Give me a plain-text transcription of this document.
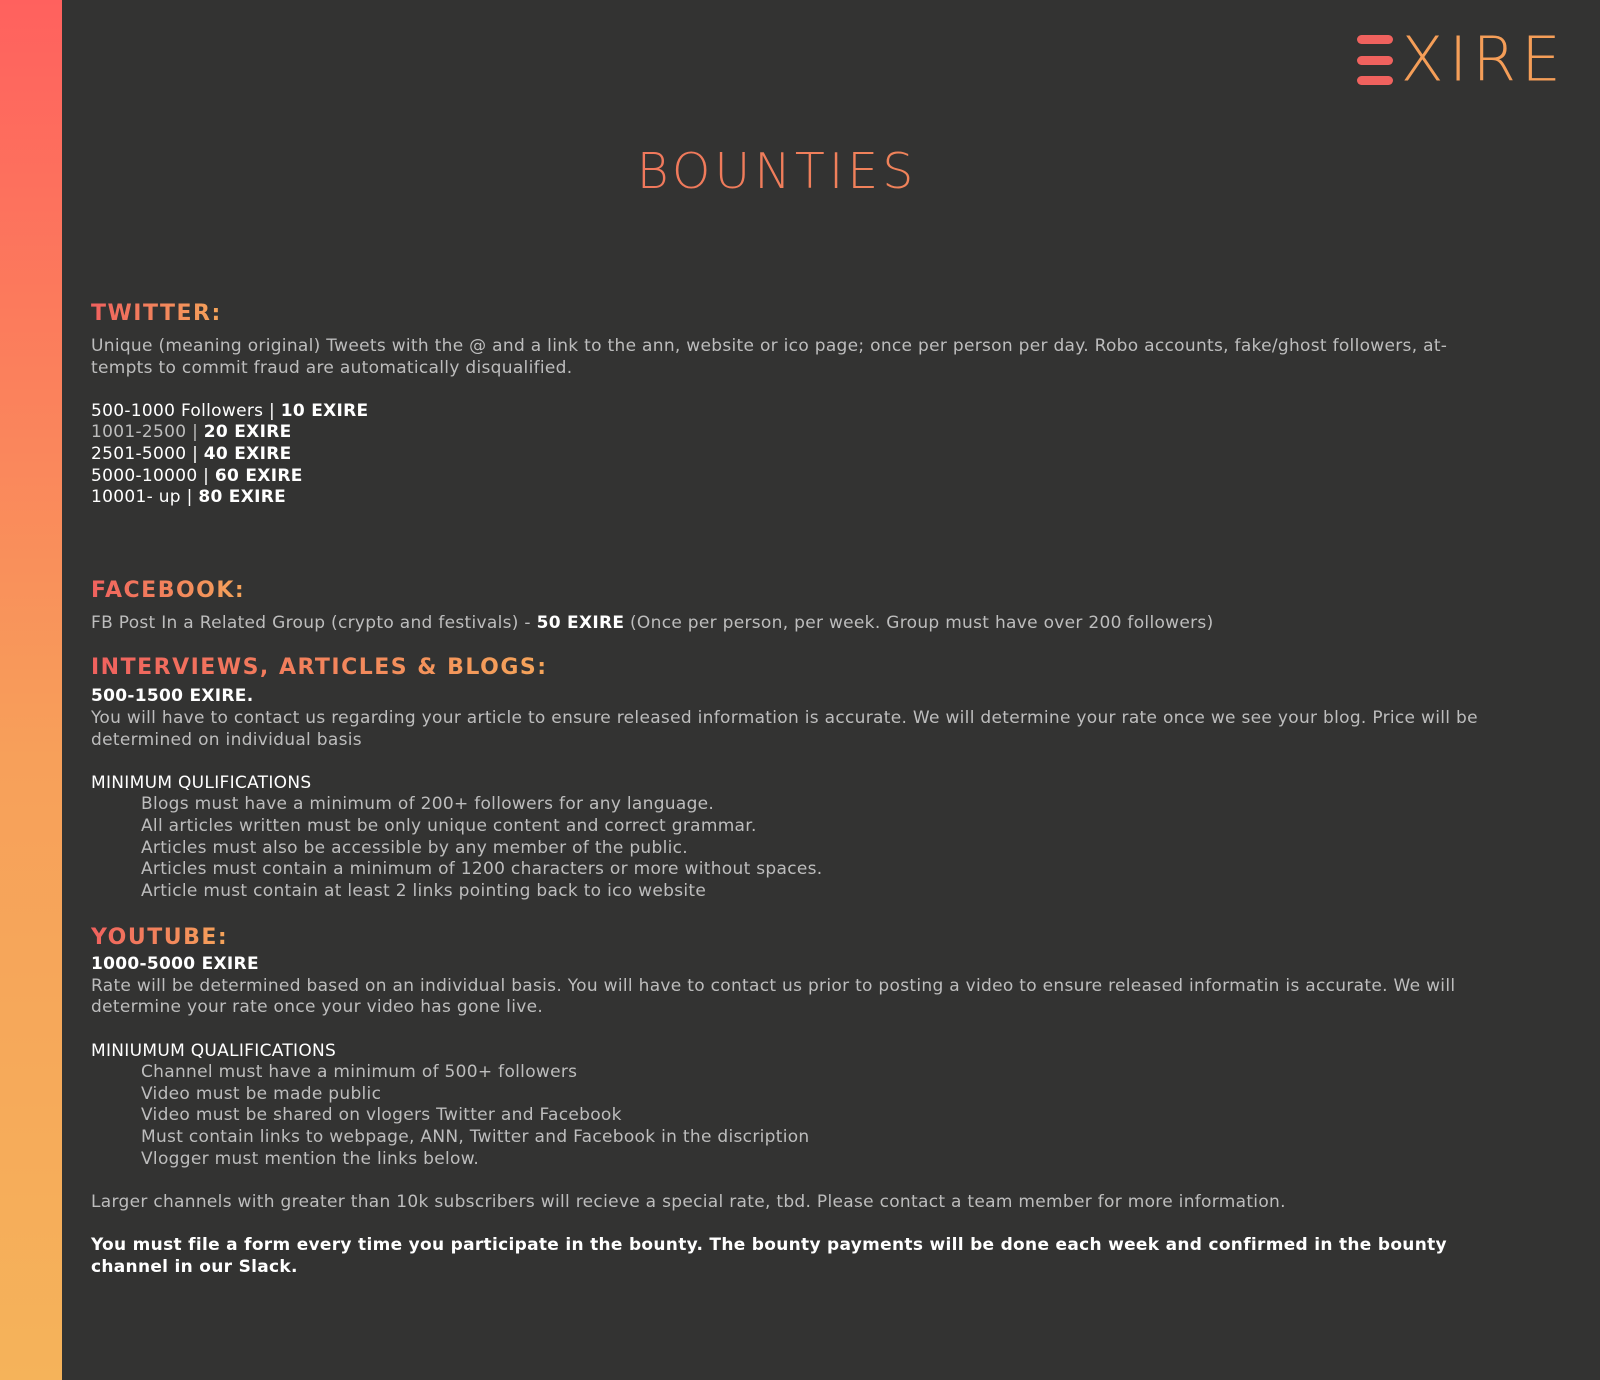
XIRE
BOUNTIES
TWITTER:

Unique (meaning original) Tweets with the @ and a link to the ann, website or ico page; once per person per day. Robo accounts, fake/ghost followers, at-tempts to commit fraud are automatically disqualified.

500-1000 Followers | 10 EXIRE

1001-2500 | 20 EXIRE

2501-5000 | 40 EXIRE

5000-10000 | 60 EXIRE

10001- up | 80 EXIRE

FACEBOOK:

FB Post In a Related Group (crypto and festivals) - 50 EXIRE (Once per person, per week. Group must have over 200 followers)

INTERVIEWS, ARTICLES & BLOGS:

500-1500 EXIRE.

You will have to contact us regarding your article to ensure released information is accurate. We will determine your rate once we see your blog. Price will be determined on individual basis

MINIMUM QULIFICATIONS

Blogs must have a minimum of 200+ followers for any language.

All articles written must be only unique content and correct grammar.

Articles must also be accessible by any member of the public.

Articles must contain a minimum of 1200 characters or more without spaces.

Article must contain at least 2 links pointing back to ico website

YOUTUBE:

1000-5000 EXIRE

Rate will be determined based on an individual basis. You will have to contact us prior to posting a video to ensure released informatin is accurate. We will determine your rate once your video has gone live.

MINIUMUM QUALIFICATIONS

Channel must have a minimum of 500+ followers

Video must be made public

Video must be shared on vlogers Twitter and Facebook

Must contain links to webpage, ANN, Twitter and Facebook in the discription

Vlogger must mention the links below.

Larger channels with greater than 10k subscribers will recieve a special rate, tbd. Please contact a team member for more information.

You must file a form every time you participate in the bounty. The bounty payments will be done each week and confirmed in the bounty channel in our Slack.
